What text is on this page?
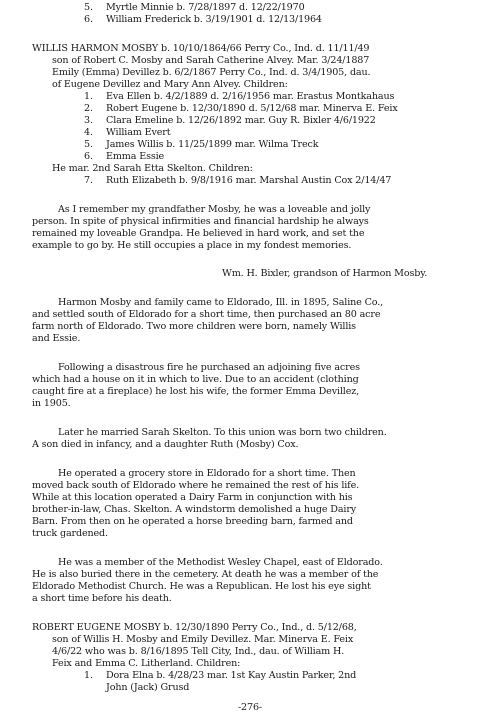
5. Myrtle Minnie b. 7/28/1897 d. 12/22/1970
6. William Frederick b. 3/19/1901 d. 12/13/1964
WILLIS HARMON MOSBY b. 10/10/1864/66 Perry Co., Ind. d. 11/11/49
son of Robert C. Mosby and Sarah Catherine Alvey. Mar. 3/24/1887
Emily (Emma) Devillez b. 6/2/1867 Perry Co., Ind. d. 3/4/1905, dau.
of Eugene Devillez and Mary Ann Alvey. Children:
1. Eva Ellen b. 4/2/1889 d. 2/16/1956 mar. Erastus Montkahaus
2. Robert Eugene b. 12/30/1890 d. 5/12/68 mar. Minerva E. Feix
3. Clara Emeline b. 12/26/1892 mar. Guy R. Bixler 4/6/1922
4. William Evert
5. James Willis b. 11/25/1899 mar. Wilma Treck
6. Emma Essie
He mar. 2nd Sarah Etta Skelton. Children:
7. Ruth Elizabeth b. 9/8/1916 mar. Marshal Austin Cox 2/14/47
As I remember my grandfather Mosby, he was a loveable and jolly
person. In spite of physical infirmities and financial hardship he always
remained my loveable Grandpa. He believed in hard work, and set the
example to go by. He still occupies a place in my fondest memories.
Wm. H. Bixler, grandson of Harmon Mosby.
Harmon Mosby and family came to Eldorado, Ill. in 1895, Saline Co.,
and settled south of Eldorado for a short time, then purchased an 80 acre
farm north of Eldorado. Two more children were born, namely Willis
and Essie.
Following a disastrous fire he purchased an adjoining five acres
which had a house on it in which to live. Due to an accident (clothing
caught fire at a fireplace) he lost his wife, the former Emma Devillez,
in 1905.
Later he married Sarah Skelton. To this union was born two children.
A son died in infancy, and a daughter Ruth (Mosby) Cox.
He operated a grocery store in Eldorado for a short time. Then
moved back south of Eldorado where he remained the rest of his life.
While at this location operated a Dairy Farm in conjunction with his
brother-in-law, Chas. Skelton. A windstorm demolished a huge Dairy
Barn. From then on he operated a horse breeding barn, farmed and
truck gardened.
He was a member of the Methodist Wesley Chapel, east of Eldorado.
He is also buried there in the cemetery. At death he was a member of the
Eldorado Methodist Church. He was a Republican. He lost his eye sight
a short time before his death.
ROBERT EUGENE MOSBY b. 12/30/1890 Perry Co., Ind., d. 5/12/68,
son of Willis H. Mosby and Emily Devillez. Mar. Minerva E. Feix
4/6/22 who was b. 8/16/1895 Tell City, Ind., dau. of William H.
Feix and Emma C. Litherland. Children:
1. Dora Elna b. 4/28/23 mar. 1st Kay Austin Parker, 2nd
John (Jack) Grusd
-276-
